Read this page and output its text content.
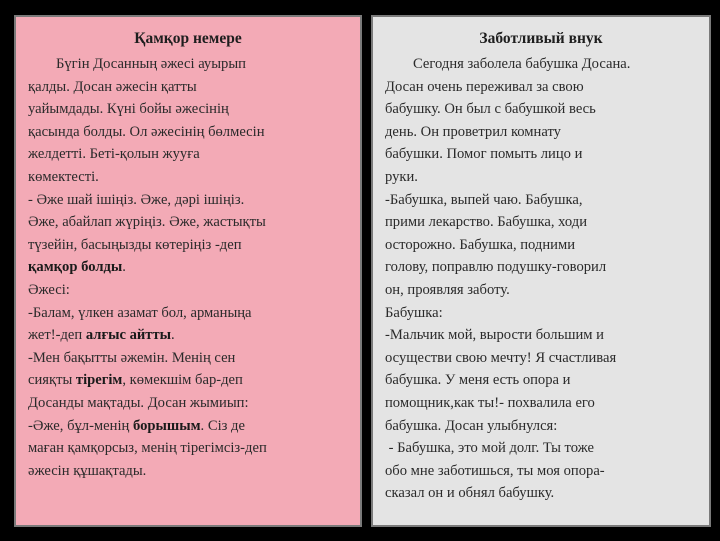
Қамқор немере
Бүгін Досанның әжесі ауырып
қалды. Досан әжесін қатты
уайымдады. Күні бойы әжесінің
қасында болды. Ол әжесінің бөлмесін
желдетті. Беті-қолын жууға
көмектесті.
- Әже шай ішіңіз. Әже, дәрі ішіңіз.
Әже, абайлап жүріңіз. Әже, жастықты
түзейін, басыңызды көтеріңіз -деп
қамқор болды.
Әжесі:
-Балам, үлкен азамат бол, арманыңа
жет!-деп алғыс айтты.
-Мен бақытты әжемін. Менің сен
сияқты тірегім, көмекшім бар-деп
Досанды мақтады. Досан жымиып:
-Әже, бұл-менің борышым. Сіз де
маған қамқорсыз, менің тірегімсіз-деп
әжесін құшақтады.
Заботливый внук
Сегодня заболела бабушка Досана.
Досан очень переживал за свою
бабушку. Он был с бабушкой весь
день. Он проветрил комнату
бабушки. Помог помыть лицо и
руки.
-Бабушка, выпей чаю. Бабушка,
прими лекарство. Бабушка, ходи
осторожно. Бабушка, подними
голову, поправлю подушку-говорил
он, проявляя заботу.
Бабушка:
-Мальчик мой, вырости большим и
осуществи свою мечту! Я счастливая
бабушка. У меня есть опора и
помощник,как ты!- похвалила его
бабушка. Досан улыбнулся:
- Бабушка, это мой долг. Ты тоже
обо мне заботишься, ты моя опора-
сказал он и обнял бабушку.
